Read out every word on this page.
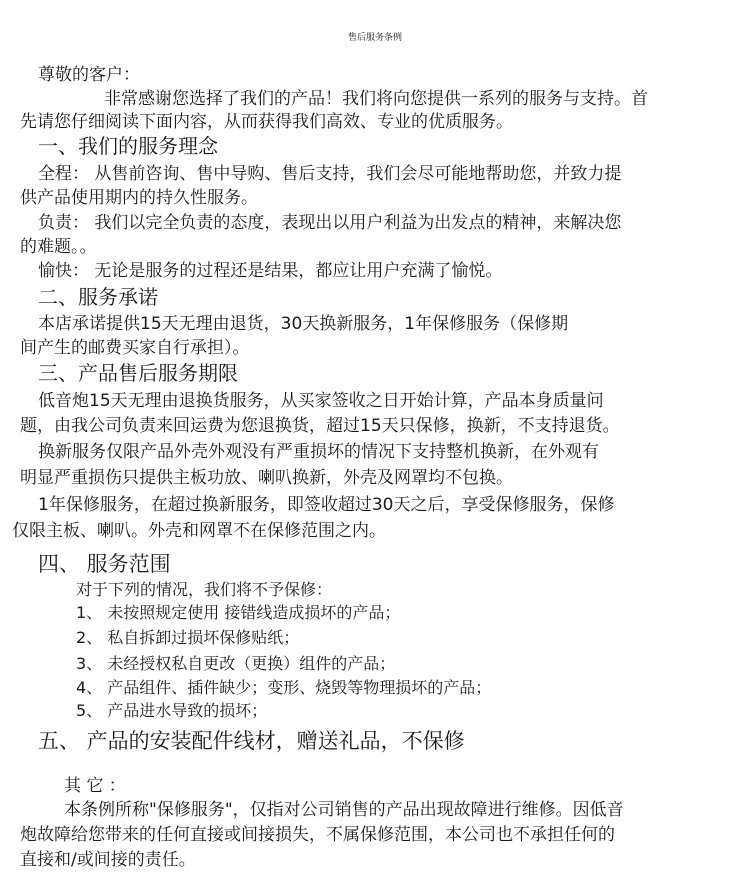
售后服务条例
尊敬的客户：
非常感谢您选择了我们的产品！我们将向您提供一系列的服务与支持。首
先请您仔细阅读下面内容，从而获得我们高效、专业的优质服务。
一、我们的服务理念
全程： 从售前咨询、售中导购、售后支持，我们会尽可能地帮助您，并致力提
供产品使用期内的持久性服务。
负责： 我们以完全负责的态度，表现出以用户利益为出发点的精神，来解决您
的难题。。
愉快： 无论是服务的过程还是结果，都应让用户充满了愉悦。
二、服务承诺
本店承诺提供15天无理由退货，30天换新服务，1年保修服务（保修期
间产生的邮费买家自行承担）。
三、产品售后服务期限
低音炮15天无理由退换货服务，从买家签收之日开始计算，产品本身质量问
题，由我公司负责来回运费为您退换货，超过15天只保修，换新，不支持退货。
换新服务仅限产品外壳外观没有严重损坏的情况下支持整机换新，在外观有
明显严重损伤只提供主板功放、喇叭换新，外壳及网罩均不包换。
1年保修服务，在超过换新服务，即签收超过30天之后，享受保修服务，保修
仅限主板、喇叭。外壳和网罩不在保修范围之内。
四、 服务范围
对于下列的情况，我们将不予保修：
1、 未按照规定使用 接错线造成损坏的产品；
2、 私自拆卸过损坏保修贴纸；
3、 未经授权私自更改（更换）组件的产品；
4、 产品组件、插件缺少；变形、烧毁等物理损坏的产品；
5、 产品进水导致的损坏；
五、 产品的安装配件线材，赠送礼品，不保修
其 它 ：
本条例所称"保修服务"，仅指对公司销售的产品出现故障进行维修。因低音
炮故障给您带来的任何直接或间接损失，不属保修范围，本公司也不承担任何的
直接和/或间接的责任。
